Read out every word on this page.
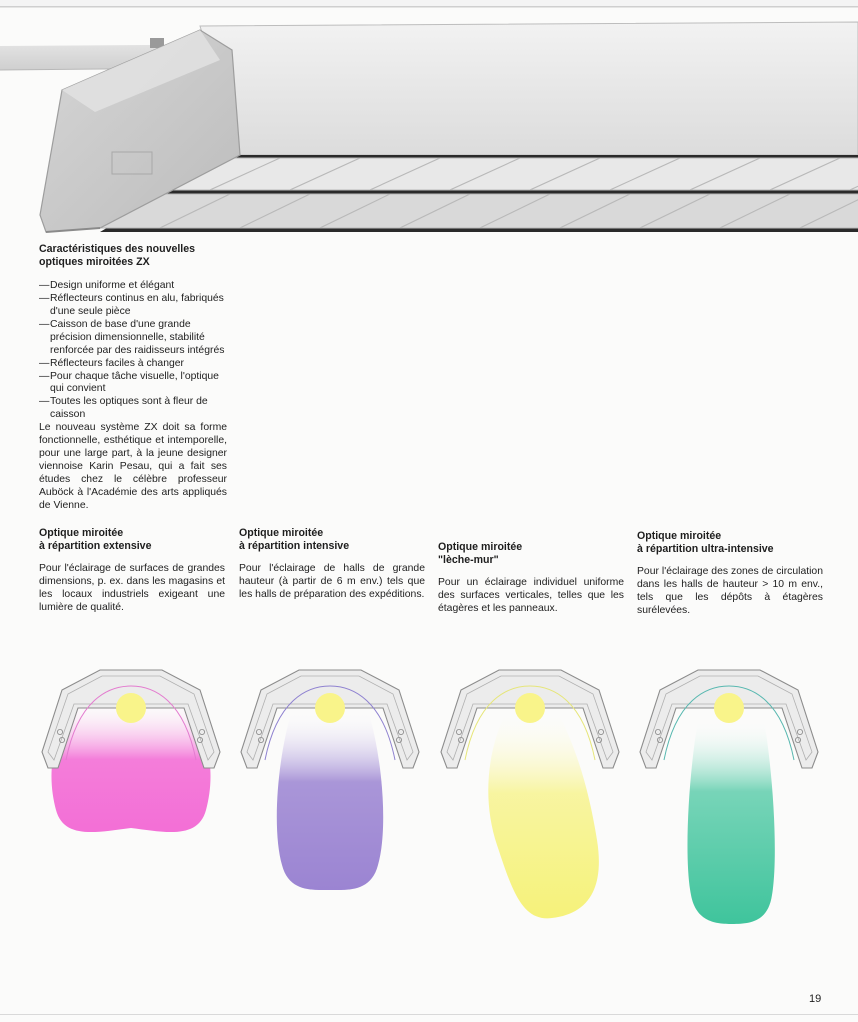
Caractéristiques des nouvelles optiques miroitées ZX
— Design uniforme et élégant
— Réflecteurs continus en alu, fabriqués d'une seule pièce
— Caisson de base d'une grande précision dimensionnelle, stabilité renforcée par des raidisseurs intégrés
— Réflecteurs faciles à changer
— Pour chaque tâche visuelle, l'optique qui convient
— Toutes les optiques sont à fleur de caisson

Le nouveau système ZX doit sa forme fonctionnelle, esthétique et intemporelle, pour une large part, à la jeune designer viennoise Karin Pesau, qui a fait ses études chez le célèbre professeur Auböck à l'Académie des arts appliqués de Vienne.

Optique miroitée
à répartition extensive

Pour l'éclairage de surfaces de grandes dimensions, p. ex. dans les magasins et les locaux industriels exigeant une lumière de qualité.

Optique miroitée
à répartition intensive

Pour l'éclairage de halls de grande hauteur (à partir de 6 m env.) tels que les halls de préparation des expéditions.

Optique miroitée
"lèche-mur"

Pour un éclairage individuel uniforme des surfaces verticales, telles que les étagères et les panneaux.

Optique miroitée
à répartition ultra-intensive

Pour l'éclairage des zones de circulation dans les halls de hauteur > 10 m env., tels que les dépôts à étagères surélevées.

19
